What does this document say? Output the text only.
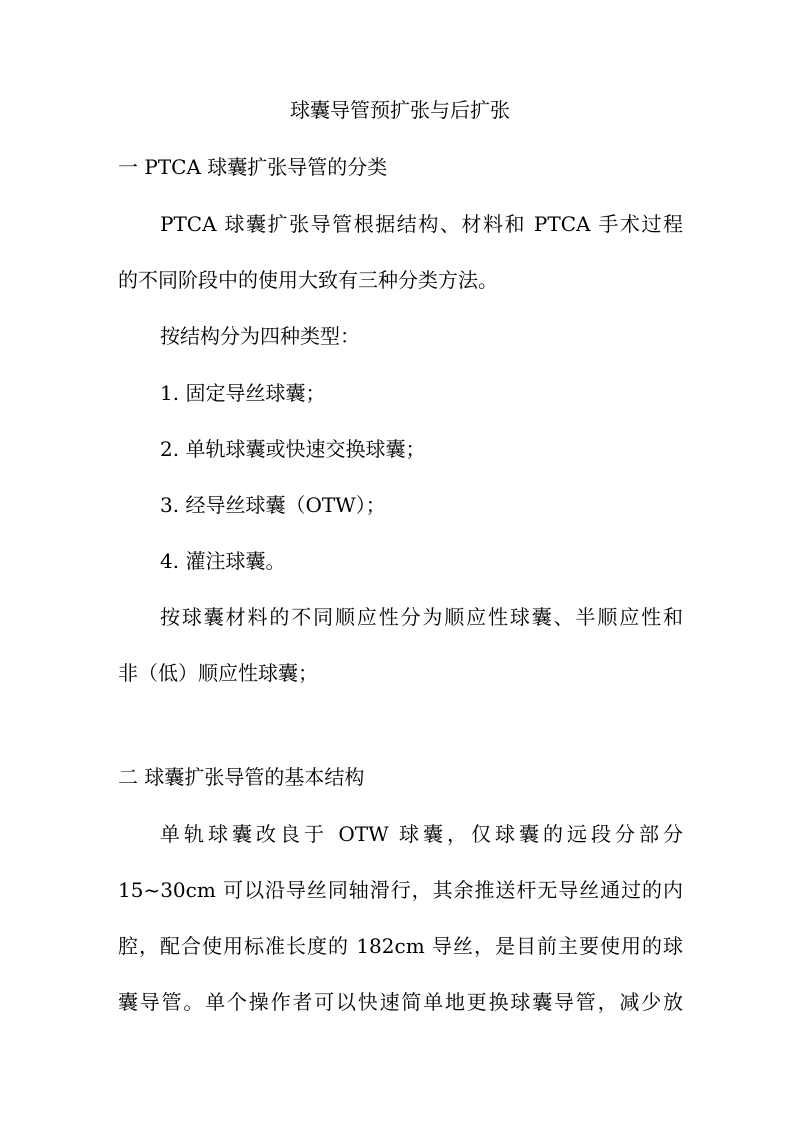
球囊导管预扩张与后扩张
一 PTCA 球囊扩张导管的分类
PTCA 球囊扩张导管根据结构、材料和 PTCA 手术过程
的不同阶段中的使用大致有三种分类方法。
按结构分为四种类型：
1. 固定导丝球囊；
2. 单轨球囊或快速交换球囊；
3. 经导丝球囊（OTW）；
4. 灌注球囊。
按球囊材料的不同顺应性分为顺应性球囊、半顺应性和
非（低）顺应性球囊；
二 球囊扩张导管的基本结构
单轨球囊改良于 OTW 球囊，仅球囊的远段分部分
15~30cm 可以沿导丝同轴滑行，其余推送杆无导丝通过的内
腔，配合使用标准长度的 182cm 导丝，是目前主要使用的球
囊导管。单个操作者可以快速简单地更换球囊导管，减少放
